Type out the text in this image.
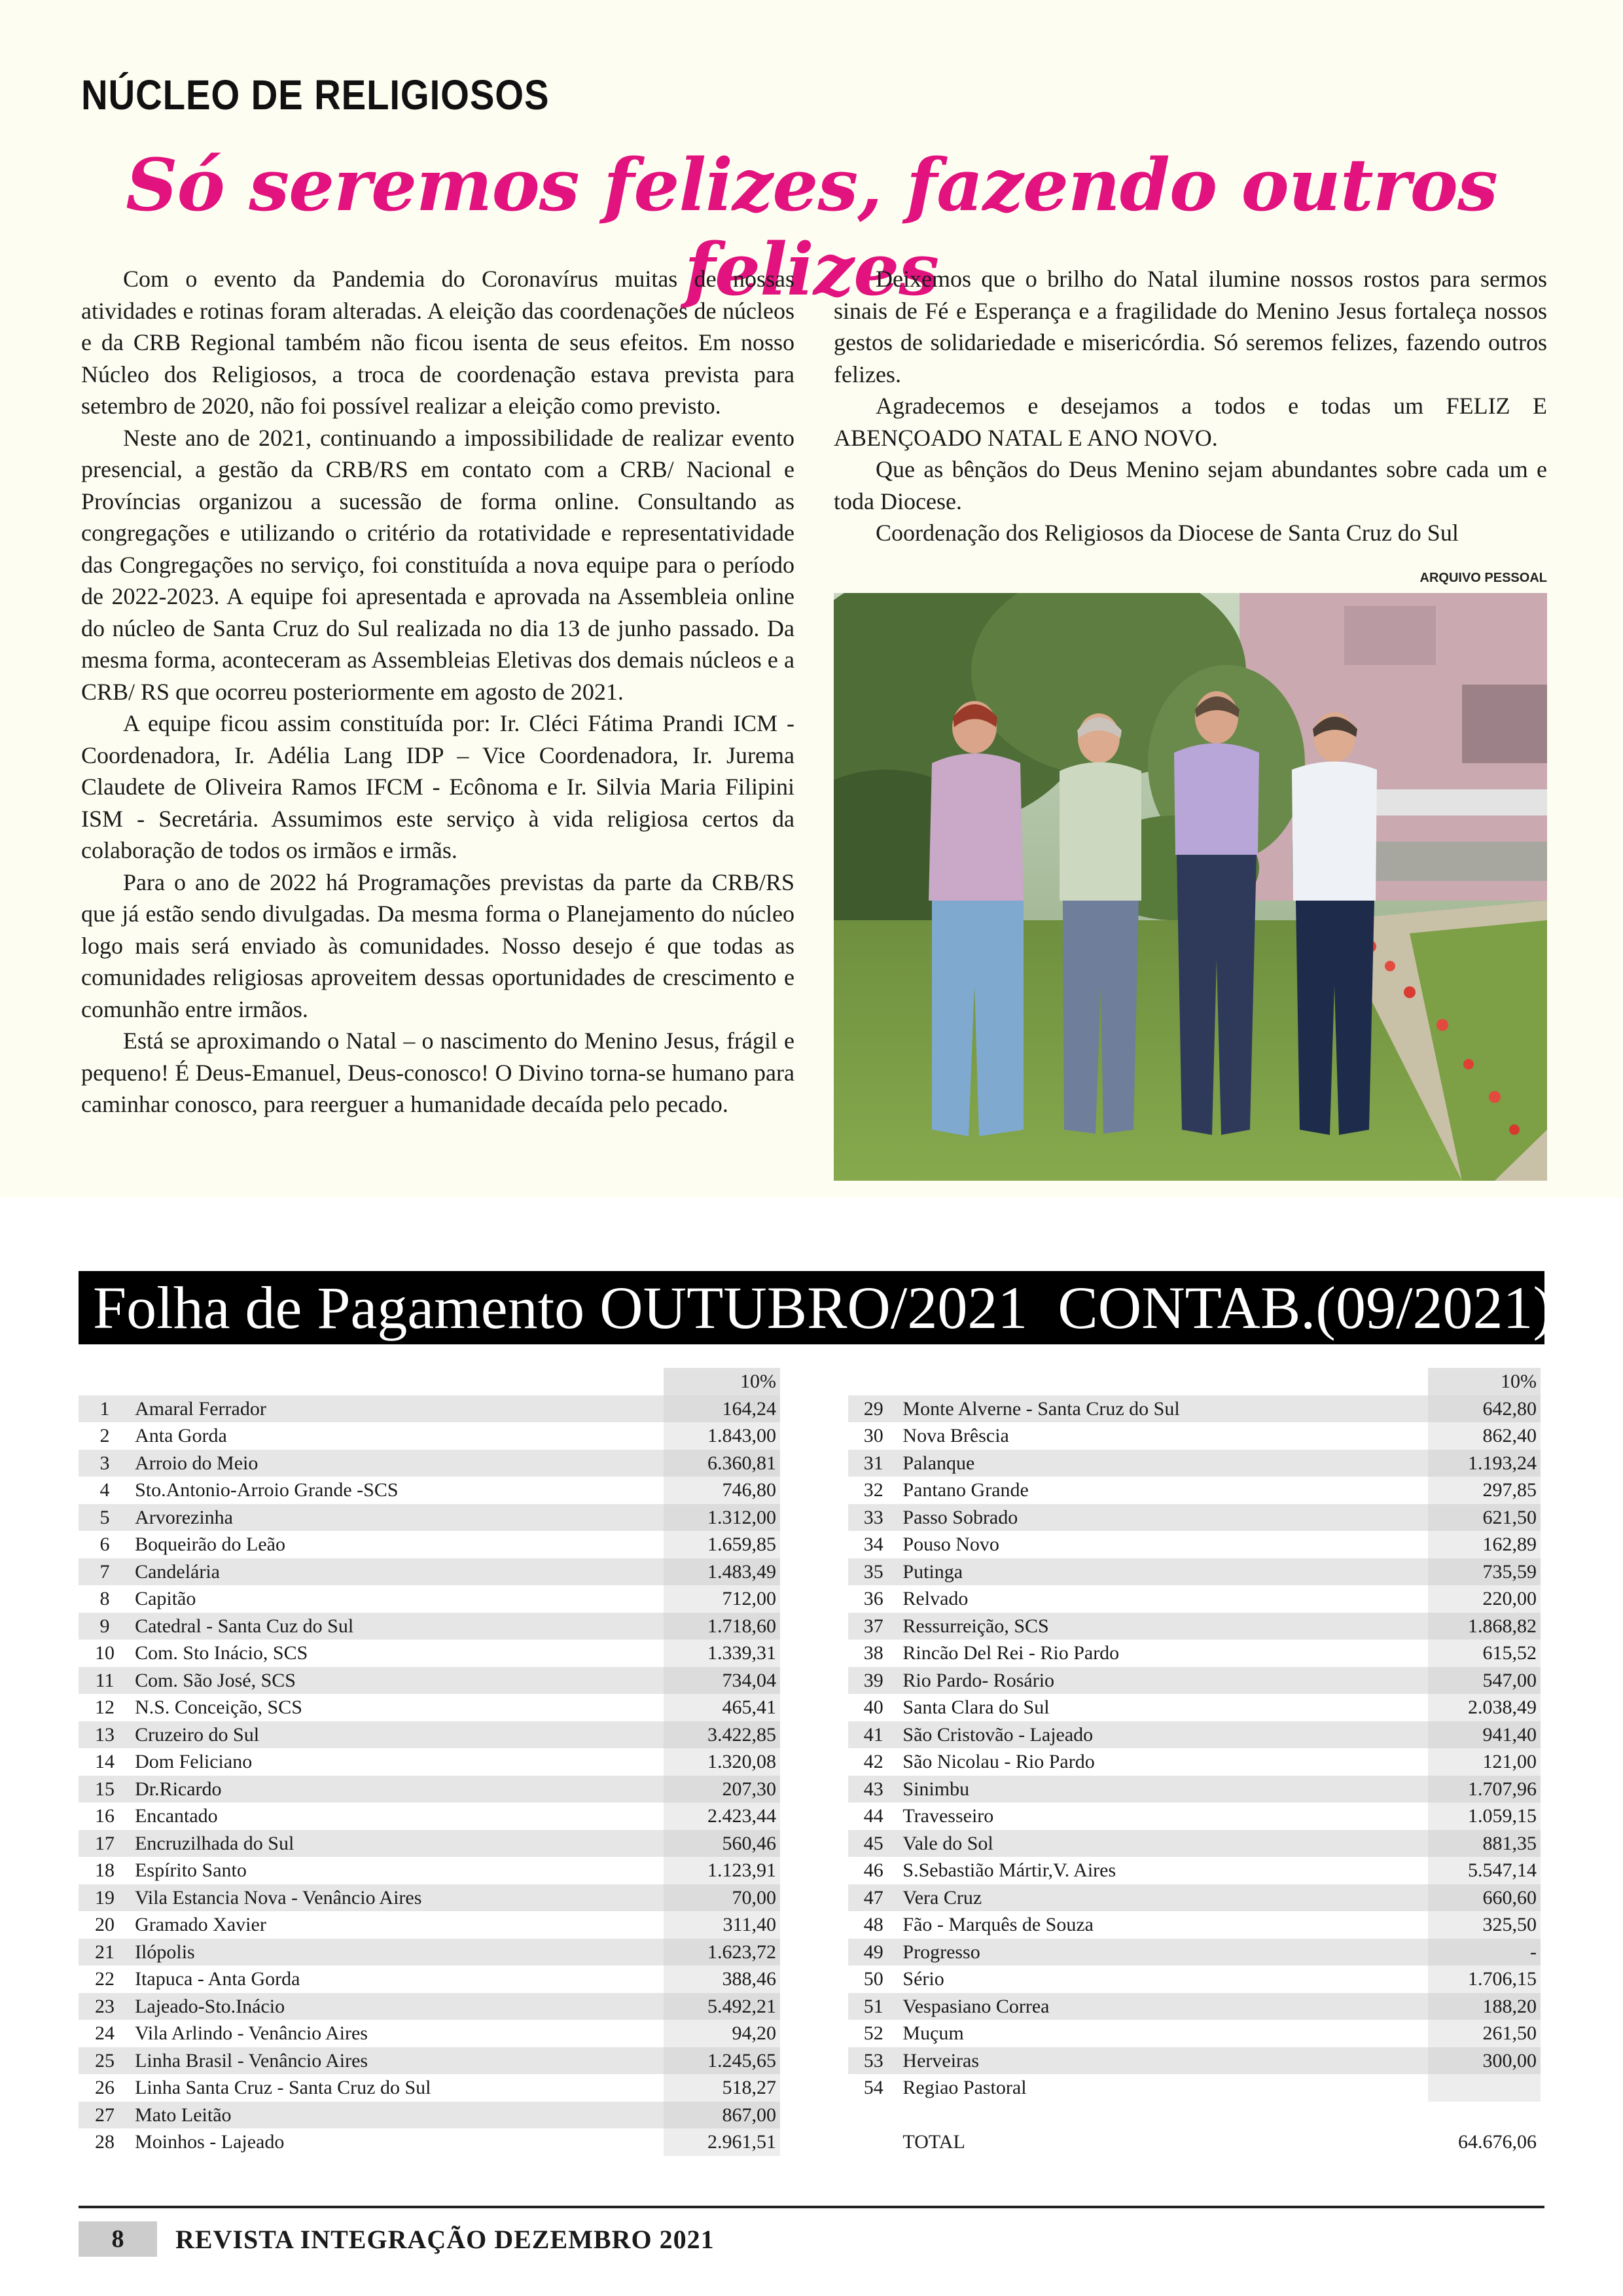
NÚCLEO DE RELIGIOSOS
Só seremos felizes, fazendo outros felizes

Com o evento da Pandemia do Coronavírus muitas de nossas atividades e rotinas foram alteradas. A eleição das coordenações de núcleos e da CRB Regional também não ficou isenta de seus efeitos. Em nosso Núcleo dos Religiosos, a troca de coordenação estava prevista para setembro de 2020, não foi possível realizar a eleição como previsto.

Neste ano de 2021, continuando a impossibilidade de realizar evento presencial, a gestão da CRB/RS em contato com a CRB/ Nacional e Províncias organizou a sucessão de forma online. Consultando as congregações e utilizando o critério da rotatividade e representatividade das Congregações no serviço, foi constituída a nova equipe para o período de 2022-2023. A equipe foi apresentada e aprovada na Assembleia online do núcleo de Santa Cruz do Sul realizada no dia 13 de junho passado. Da mesma forma, aconteceram as Assembleias Eletivas dos demais núcleos e a CRB/ RS que ocorreu posteriormente em agosto de 2021.

A equipe ficou assim constituída por: Ir. Cléci Fátima Prandi ICM - Coordenadora, Ir. Adélia Lang IDP – Vice Coordenadora, Ir. Jurema Claudete de Oliveira Ramos IFCM - Ecônoma e Ir. Silvia Maria Filipini ISM - Secretária. Assumimos este serviço à vida religiosa certos da colaboração de todos os irmãos e irmãs.

Para o ano de 2022 há Programações previstas da parte da CRB/RS que já estão sendo divulgadas. Da mesma forma o Planejamento do núcleo logo mais será enviado às comunidades. Nosso desejo é que todas as comunidades religiosas aproveitem dessas oportunidades de crescimento e comunhão entre irmãos.

Está se aproximando o Natal – o nascimento do Menino Jesus, frágil e pequeno! É Deus-Emanuel, Deus-conosco! O Divino torna-se humano para caminhar conosco, para reerguer a humanidade decaída pelo pecado.

Deixemos que o brilho do Natal ilumine nossos rostos para sermos sinais de Fé e Esperança e a fragilidade do Menino Jesus fortaleça nossos gestos de solidariedade e misericórdia. Só seremos felizes, fazendo outros felizes.

Agradecemos e desejamos a todos e todas um FELIZ E ABENÇOADO NATAL E ANO NOVO.

Que as bênçãos do Deus Menino sejam abundantes sobre cada um e toda Diocese.

Coordenação dos Religiosos da Diocese de Santa Cruz do Sul

ARQUIVO PESSOAL
Folha de Pagamento OUTUBRO/2021  CONTAB.(09/2021)
		10%
1	Amaral Ferrador	164,24
2	Anta Gorda	1.843,00
3	Arroio do Meio	6.360,81
4	Sto.Antonio-Arroio Grande -SCS	746,80
5	Arvorezinha	1.312,00
6	Boqueirão do Leão	1.659,85
7	Candelária	1.483,49
8	Capitão	712,00
9	Catedral - Santa Cuz do Sul	1.718,60
10	Com. Sto Inácio, SCS	1.339,31
11	Com. São José, SCS	734,04
12	N.S. Conceição, SCS	465,41
13	Cruzeiro do Sul	3.422,85
14	Dom Feliciano	1.320,08
15	Dr.Ricardo	207,30
16	Encantado	2.423,44
17	Encruzilhada do Sul	560,46
18	Espírito Santo	1.123,91
19	Vila Estancia Nova - Venâncio Aires	70,00
20	Gramado Xavier	311,40
21	Ilópolis	1.623,72
22	Itapuca - Anta Gorda	388,46
23	Lajeado-Sto.Inácio	5.492,21
24	Vila Arlindo - Venâncio Aires	94,20
25	Linha Brasil - Venâncio Aires	1.245,65
26	Linha Santa Cruz - Santa Cruz do Sul	518,27
27	Mato Leitão	867,00
28	Moinhos - Lajeado	2.961,51
		10%
29	Monte Alverne - Santa Cruz do Sul	642,80
30	Nova Brêscia	862,40
31	Palanque	1.193,24
32	Pantano Grande	297,85
33	Passo Sobrado	621,50
34	Pouso Novo	162,89
35	Putinga	735,59
36	Relvado	220,00
37	Ressurreição, SCS	1.868,82
38	Rincão Del Rei - Rio Pardo	615,52
39	Rio Pardo- Rosário	547,00
40	Santa Clara do Sul	2.038,49
41	São Cristovão - Lajeado	941,40
42	São Nicolau - Rio Pardo	121,00
43	Sinimbu	1.707,96
44	Travesseiro	1.059,15
45	Vale do Sol	881,35
46	S.Sebastião Mártir,V. Aires	5.547,14
47	Vera Cruz	660,60
48	Fão - Marquês de Souza	325,50
49	Progresso	-
50	Sério	1.706,15
51	Vespasiano Correa	188,20
52	Muçum	261,50
53	Herveiras	300,00
54	Regiao Pastoral	

	TOTAL	64.676,06
8	REVISTA INTEGRAÇÃO DEZEMBRO 2021
